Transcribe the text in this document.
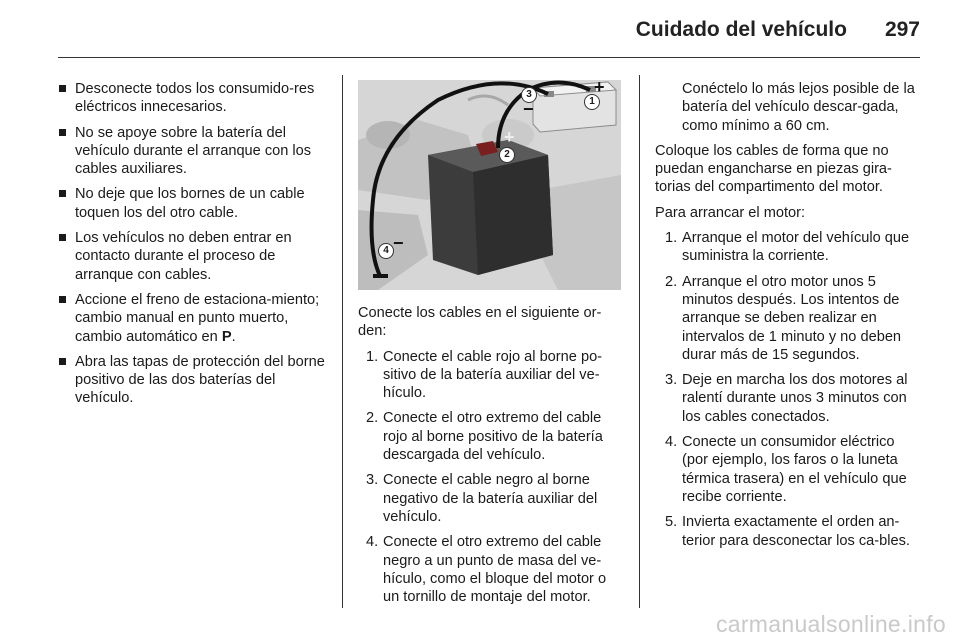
Cuidado del vehículo 297
Desconecte todos los consumido-res eléctricos innecesarios.
No se apoye sobre la batería del vehículo durante el arranque con los cables auxiliares.
No deje que los bornes de un cable toquen los del otro cable.
Los vehículos no deben entrar en contacto durante el proceso de arranque con cables.
Accione el freno de estaciona-miento; cambio manual en punto muerto, cambio automático en P.
Abra las tapas de protección del borne positivo de las dos baterías del vehículo.
3
1
2
4
+
−
+
−

Conecte los cables en el siguiente or-den:

1. Conecte el cable rojo al borne po-sitivo de la batería auxiliar del ve-hículo.
2. Conecte el otro extremo del cable rojo al borne positivo de la batería descargada del vehículo.
3. Conecte el cable negro al borne negativo de la batería auxiliar del vehículo.
4. Conecte el otro extremo del cable negro a un punto de masa del ve-hículo, como el bloque del motor o un tornillo de montaje del motor.

Conéctelo lo más lejos posible de la batería del vehículo descar-gada, como mínimo a 60 cm.

Coloque los cables de forma que no puedan engancharse en piezas gira-torias del compartimento del motor.

Para arrancar el motor:

1. Arranque el motor del vehículo que suministra la corriente.
2. Arranque el otro motor unos 5 minutos después. Los intentos de arranque se deben realizar en intervalos de 1 minuto y no deben durar más de 15 segundos.
3. Deje en marcha los dos motores al ralentí durante unos 3 minutos con los cables conectados.
4. Conecte un consumidor eléctrico (por ejemplo, los faros o la luneta térmica trasera) en el vehículo que recibe corriente.
5. Invierta exactamente el orden an-terior para desconectar los ca-bles.
carmanualsonline.info
